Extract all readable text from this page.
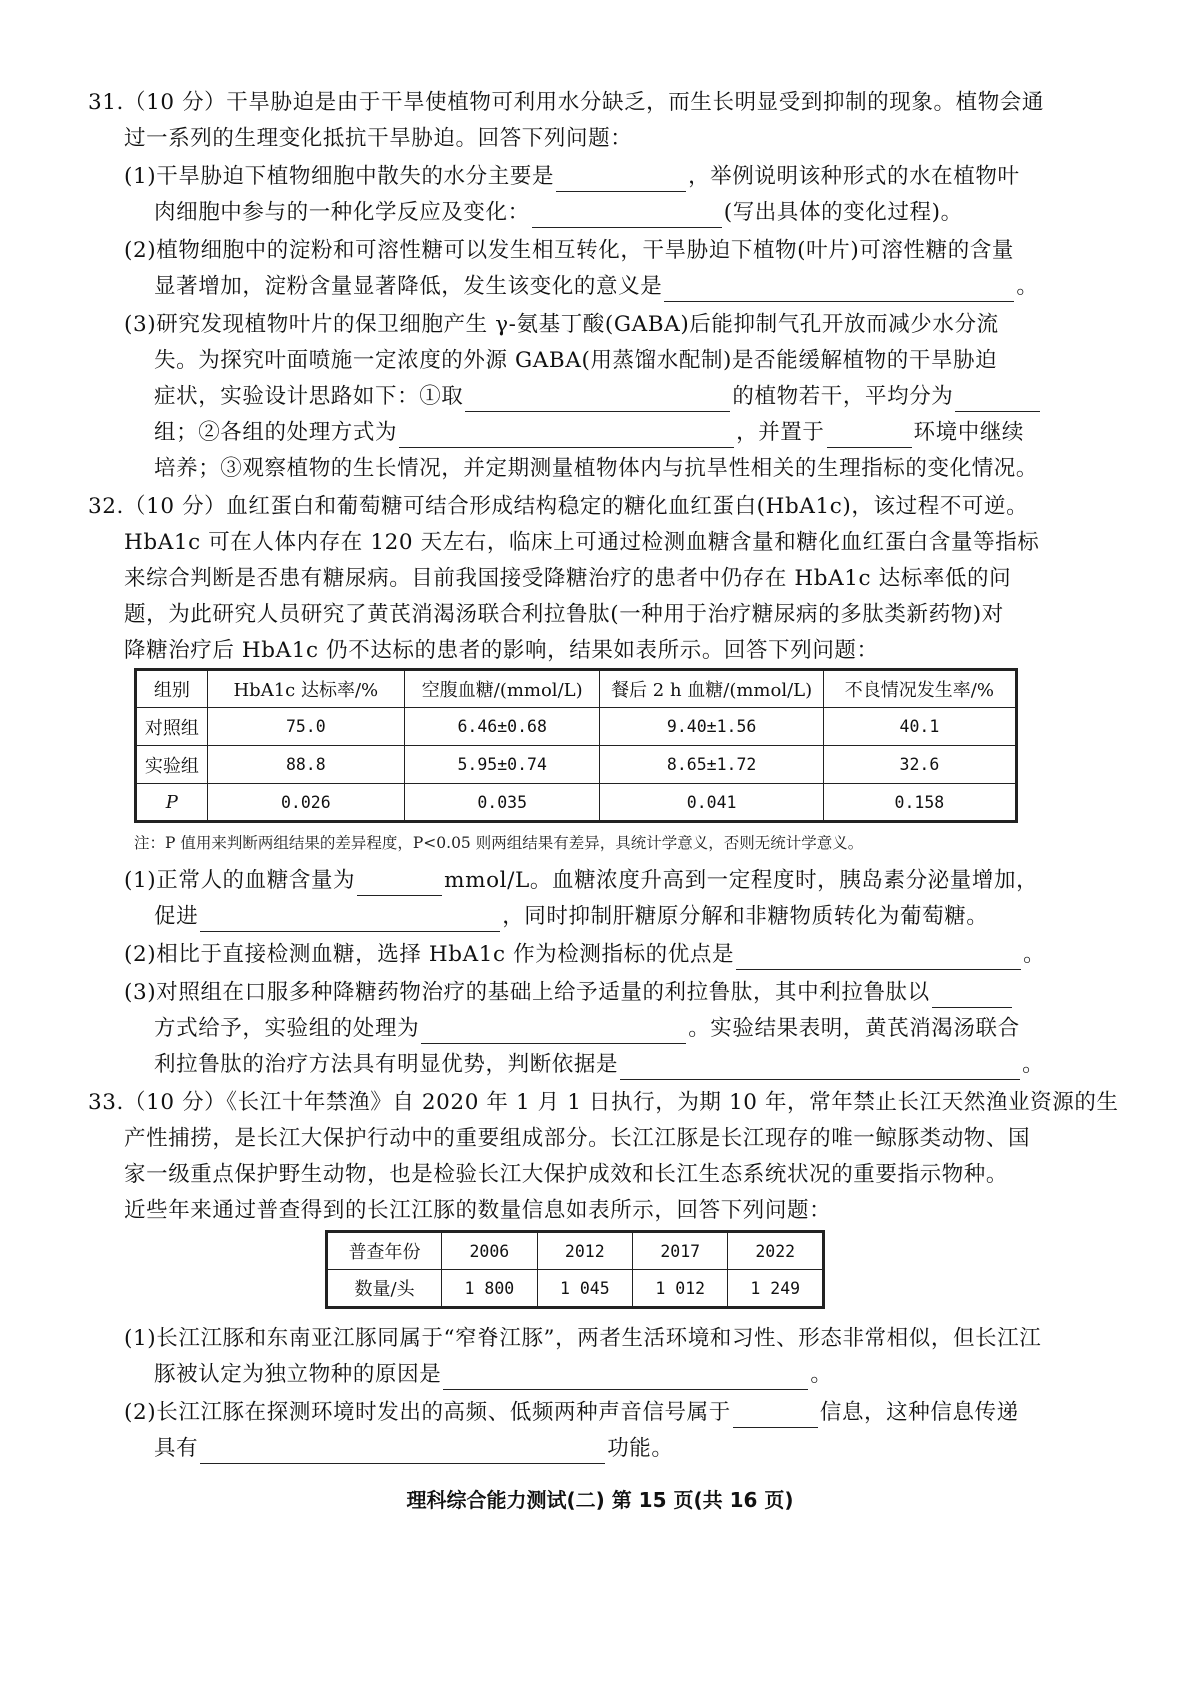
31.（10 分）干旱胁迫是由于干旱使植物可利用水分缺乏，而生长明显受到抑制的现象。植物会通
过一系列的生理变化抵抗干旱胁迫。回答下列问题：
(1)干旱胁迫下植物细胞中散失的水分主要是	，举例说明该种形式的水在植物叶
肉细胞中参与的一种化学反应及变化：	(写出具体的变化过程)。
(2)植物细胞中的淀粉和可溶性糖可以发生相互转化，干旱胁迫下植物(叶片)可溶性糖的含量
显著增加，淀粉含量显著降低，发生该变化的意义是	。
(3)研究发现植物叶片的保卫细胞产生 γ-氨基丁酸(GABA)后能抑制气孔开放而减少水分流
失。为探究叶面喷施一定浓度的外源 GABA(用蒸馏水配制)是否能缓解植物的干旱胁迫
症状，实验设计思路如下：①取	的植物若干，平均分为
组；②各组的处理方式为	，并置于	环境中继续
培养；③观察植物的生长情况，并定期测量植物体内与抗旱性相关的生理指标的变化情况。
32.（10 分）血红蛋白和葡萄糖可结合形成结构稳定的糖化血红蛋白(HbA1c)，该过程不可逆。
HbA1c 可在人体内存在 120 天左右，临床上可通过检测血糖含量和糖化血红蛋白含量等指标
来综合判断是否患有糖尿病。目前我国接受降糖治疗的患者中仍存在 HbA1c 达标率低的问
题，为此研究人员研究了黄芪消渴汤联合利拉鲁肽(一种用于治疗糖尿病的多肽类新药物)对
降糖治疗后 HbA1c 仍不达标的患者的影响，结果如表所示。回答下列问题：
组别	HbA1c 达标率/%	空腹血糖/(mmol/L)	餐后 2 h 血糖/(mmol/L)	不良情况发生率/%
对照组	75.0	6.46±0.68	9.40±1.56	40.1
实验组	88.8	5.95±0.74	8.65±1.72	32.6
P	0.026	0.035	0.041	0.158
注：P 值用来判断两组结果的差异程度，P<0.05 则两组结果有差异，具统计学意义，否则无统计学意义。
(1)正常人的血糖含量为	mmol/L。血糖浓度升高到一定程度时，胰岛素分泌量增加，
促进	，同时抑制肝糖原分解和非糖物质转化为葡萄糖。
(2)相比于直接检测血糖，选择 HbA1c 作为检测指标的优点是	。
(3)对照组在口服多种降糖药物治疗的基础上给予适量的利拉鲁肽，其中利拉鲁肽以
方式给予，实验组的处理为	。实验结果表明，黄芪消渴汤联合
利拉鲁肽的治疗方法具有明显优势，判断依据是	。
33.（10 分）《长江十年禁渔》自 2020 年 1 月 1 日执行，为期 10 年，常年禁止长江天然渔业资源的生
产性捕捞，是长江大保护行动中的重要组成部分。长江江豚是长江现存的唯一鲸豚类动物、国
家一级重点保护野生动物，也是检验长江大保护成效和长江生态系统状况的重要指示物种。
近些年来通过普查得到的长江江豚的数量信息如表所示，回答下列问题：
普查年份	2006	2012	2017	2022
数量/头	1 800	1 045	1 012	1 249
(1)长江江豚和东南亚江豚同属于“窄脊江豚”，两者生活环境和习性、形态非常相似，但长江江
豚被认定为独立物种的原因是	。
(2)长江江豚在探测环境时发出的高频、低频两种声音信号属于	信息，这种信息传递
具有	功能。
理科综合能力测试(二) 第 15 页(共 16 页)
